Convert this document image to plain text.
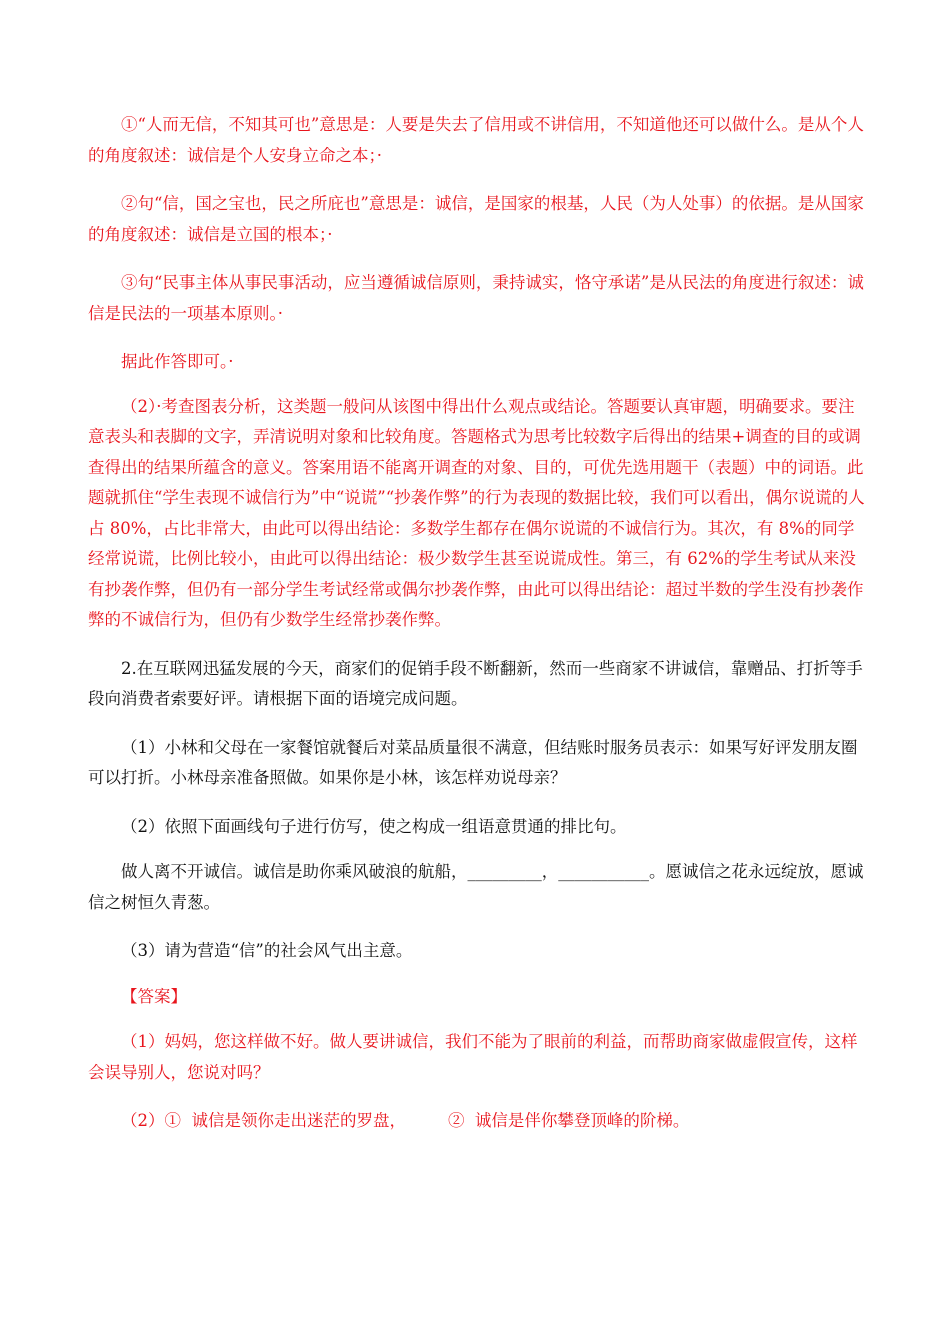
①“人而无信，不知其可也”意思是：人要是失去了信用或不讲信用，不知道他还可以做什么。是从个人的角度叙述：诚信是个人安身立命之本；·

②句“信，国之宝也，民之所庇也”意思是：诚信，是国家的根基，人民（为人处事）的依据。是从国家的角度叙述：诚信是立国的根本；·

③句“民事主体从事民事活动，应当遵循诚信原则，秉持诚实，恪守承诺”是从民法的角度进行叙述：诚信是民法的一项基本原则。·

据此作答即可。·

（2）·考查图表分析，这类题一般问从该图中得出什么观点或结论。答题要认真审题，明确要求。要注意表头和表脚的文字，弄清说明对象和比较角度。答题格式为思考比较数字后得出的结果+调查的目的或调查得出的结果所蕴含的意义。答案用语不能离开调查的对象、目的，可优先选用题干（表题）中的词语。此题就抓住“学生表现不诚信行为”中“说谎”“抄袭作弊”的行为表现的数据比较，我们可以看出，偶尔说谎的人占 80%，占比非常大，由此可以得出结论：多数学生都存在偶尔说谎的不诚信行为。其次，有 8%的同学经常说谎，比例比较小，由此可以得出结论：极少数学生甚至说谎成性。第三，有 62%的学生考试从来没有抄袭作弊，但仍有一部分学生考试经常或偶尔抄袭作弊，由此可以得出结论：超过半数的学生没有抄袭作弊的不诚信行为，但仍有少数学生经常抄袭作弊。

2.在互联网迅猛发展的今天，商家们的促销手段不断翻新，然而一些商家不讲诚信，靠赠品、打折等手段向消费者索要好评。请根据下面的语境完成问题。

（1）小林和父母在一家餐馆就餐后对菜品质量很不满意，但结账时服务员表示：如果写好评发朋友圈可以打折。小林母亲准备照做。如果你是小林，该怎样劝说母亲？

（2）依照下面画线句子进行仿写，使之构成一组语意贯通的排比句。

做人离不开诚信。诚信是助你乘风破浪的航船，_________，___________。愿诚信之花永远绽放，愿诚信之树恒久青葱。

（3）请为营造“信”的社会风气出主意。

【答案】

（1）妈妈，您这样做不好。做人要讲诚信，我们不能为了眼前的利益，而帮助商家做虚假宣传，这样会误导别人，您说对吗？

（2）①  诚信是领你走出迷茫的罗盘，        ②  诚信是伴你攀登顶峰的阶梯。
